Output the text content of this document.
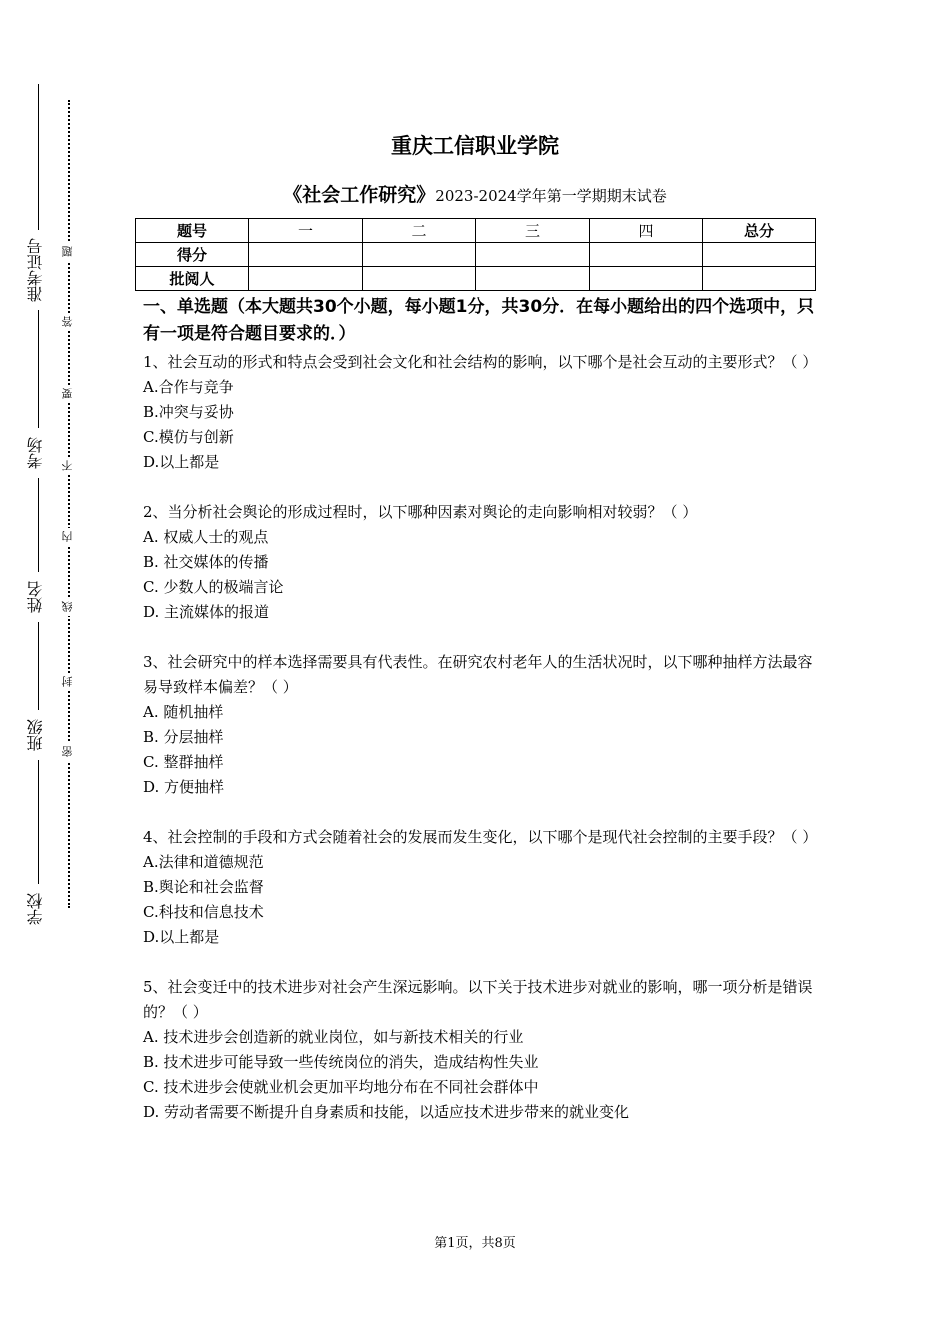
准考证号
考场
姓名
班级
学校
题
答
要
不
内
线
封
密
重庆工信职业学院
《社会工作研究》2023-2024学年第一学期期末试卷
题号	一	二	三	四	总分
得分					
批阅人					
一、单选题（本大题共30个小题，每小题1分，共30分．在每小题给出的四个选项中，只有一项是符合题目要求的．）
1、社会互动的形式和特点会受到社会文化和社会结构的影响，以下哪个是社会互动的主要形式？（ ）
A.合作与竞争
B.冲突与妥协
C.模仿与创新
D.以上都是
2、当分析社会舆论的形成过程时，以下哪种因素对舆论的走向影响相对较弱？（ ）
A. 权威人士的观点
B. 社交媒体的传播
C. 少数人的极端言论
D. 主流媒体的报道
3、社会研究中的样本选择需要具有代表性。在研究农村老年人的生活状况时，以下哪种抽样方法最容易导致样本偏差？（ ）
A. 随机抽样
B. 分层抽样
C. 整群抽样
D. 方便抽样
4、社会控制的手段和方式会随着社会的发展而发生变化，以下哪个是现代社会控制的主要手段？（ ）
A.法律和道德规范
B.舆论和社会监督
C.科技和信息技术
D.以上都是
5、社会变迁中的技术进步对社会产生深远影响。以下关于技术进步对就业的影响，哪一项分析是错误的？（ ）
A. 技术进步会创造新的就业岗位，如与新技术相关的行业
B. 技术进步可能导致一些传统岗位的消失，造成结构性失业
C. 技术进步会使就业机会更加平均地分布在不同社会群体中
D. 劳动者需要不断提升自身素质和技能，以适应技术进步带来的就业变化
第1页，共8页
